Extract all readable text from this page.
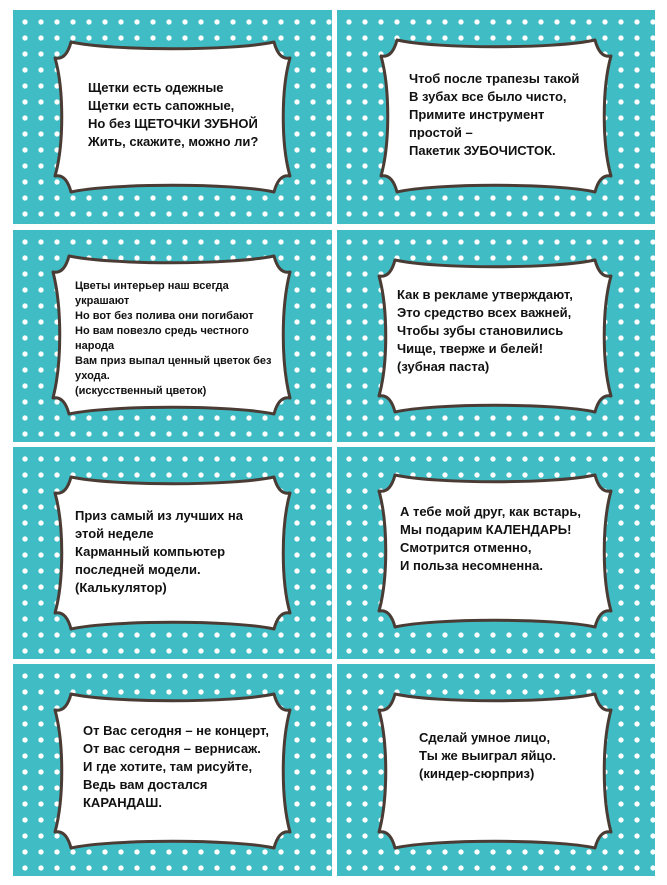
Щетки есть одежные
Щетки есть сапожные,
Но без ЩЕТОЧКИ ЗУБНОЙ
Жить, скажите, можно ли?
Чтоб после трапезы такой
В зубах все было чисто,
Примите инструмент
простой –
Пакетик ЗУБОЧИСТОК.
Цветы интерьер наш всегда
украшают
Но вот без полива они погибают
Но вам повезло средь честного
народа
Вам приз выпал ценный цветок без
ухода.
(искусственный цветок)
Как в рекламе утверждают,
Это средство всех важней,
Чтобы зубы становились
Чище, тверже и белей!
(зубная паста)
Приз самый из лучших на
этой неделе
Карманный компьютер
последней модели.
(Калькулятор)
А тебе мой друг, как встарь,
Мы подарим КАЛЕНДАРЬ!
Смотрится отменно,
И польза несомненна.
От Вас сегодня – не концерт,
От вас сегодня – вернисаж.
И где хотите, там рисуйте,
Ведь вам достался
КАРАНДАШ.
Сделай умное лицо,
Ты же выиграл яйцо.
(киндер-сюрприз)
